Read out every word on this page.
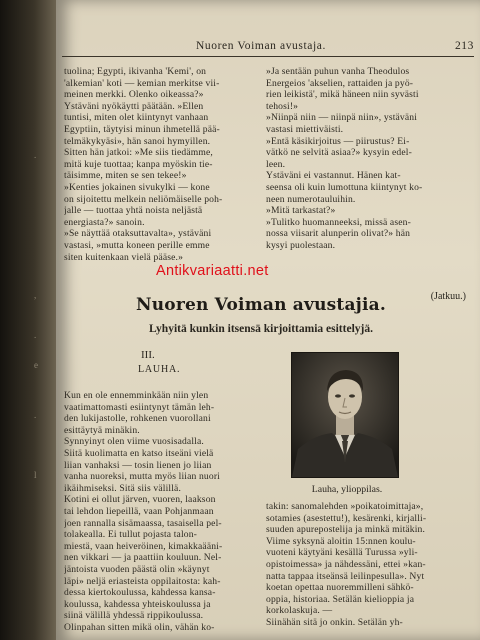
.
,
.
e
.
l
Nuoren Voiman avustaja.	213
tuolina; Egypti, ikivanha 'Kemi', on
'alkemian' koti — kemian merkitse vii-
meinen merkki. Olenko oikeassa?»
Ystäväni nyökäytti päätään. »Ellen
tuntisi, miten olet kiintynyt vanhaan
Egyptiin, täytyisi minun ihmetellä pää-
telmäkykyäsi», hän sanoi hymyillen.
Sitten hän jatkoi: »Me siis tiedämme,
mitä kuje tuottaa; kanpa myöskin tie-
täisimme, miten se sen tekee!»
»Kenties jokainen sivukylki — kone
on sijoitettu melkein neliömäiselle poh-
jalle — tuottaa yhtä noista neljästä
energiasta?» sanoin.
»Se näyttää otaksuttavalta», ystäväni
vastasi, »mutta koneen perille emme
siten kuitenkaan vielä pääse.»
»Ja sentään puhun vanha Theodulos
Energeios 'akselien, rattaiden ja pyö-
rien leikistä', mikä häneen niin syvästi
tehosi!»
»Niinpä niin — niinpä niin», ystäväni
vastasi miettiväisti.
»Entä käsikirjoitus — piirustus? Ei-
vätkö ne selvitä asiaa?» kysyin edel-
leen.
Ystäväni ei vastannut. Hänen kat-
seensa oli kuin lumottuna kiintynyt ko-
neen numerotauluihin.
»Mitä tarkastat?»
»Tulitko huomanneeksi, missä asen-
nossa viisarit alunperin olivat?» hän
kysyi puolestaan.
(Jatkuu.)
Antikvariaatti.net
Nuoren Voiman avustajia.
Lyhyitä kunkin itsensä kirjoittamia esittelyjä.
III.
LAUHA.
Lauha, ylioppilas.
Kun en ole ennemminkään niin ylen
vaatimattomasti esiintynyt tämän leh-
den lukijastolle, rohkenen vuorollani
esittäytyä minäkin.
Synnyinyt olen viime vuosisadalla.
Siitä kuolimatta en katso itseäni vielä
liian vanhaksi — tosin lienen jo liian
vanha nuoreksi, mutta myös liian nuori
ikäihmiseksi. Sitä siis välillä.
Kotini ei ollut järven, vuoren, laakson
tai lehdon liepeillä, vaan Pohjanmaan
joen rannalla sisämaassa, tasaisella pel-
tolakealla. Ei tullut pojasta talon-
miestä, vaan heiveröinen, kimakkaääni-
nen vikkari — ja paattiin kouluun. Nel-
jäntoista vuoden päästä olin »käynyt
läpi» neljä eriasteista oppilaitosta: kah-
dessa kiertokoulussa, kahdessa kansa-
koulussa, kahdessa yhteiskoulussa ja
siinä välillä yhdessä rippikoulussa.
Olinpahan sitten mikä olin, vähän ko-
takin: sanomalehden »poikatoimittaja»,
sotamies (asestettu!), kesärenki, kirjalli-
suuden apurepostelija ja minkä mitäkin.
Viime syksynä aloitin 15:nnen koulu-
vuoteni käytyäni kesällä Turussa »yli-
opistoimessa» ja nähdessäni, ettei »kan-
natta tappaa itseänsä leilinpesulla». Nyt
koetan opettaa nuoremmilleni sähkö-
oppia, historiaa. Setälän kielioppia ja
korkolaskuja. —
Siinähän sitä jo onkin. Setälän yh-
